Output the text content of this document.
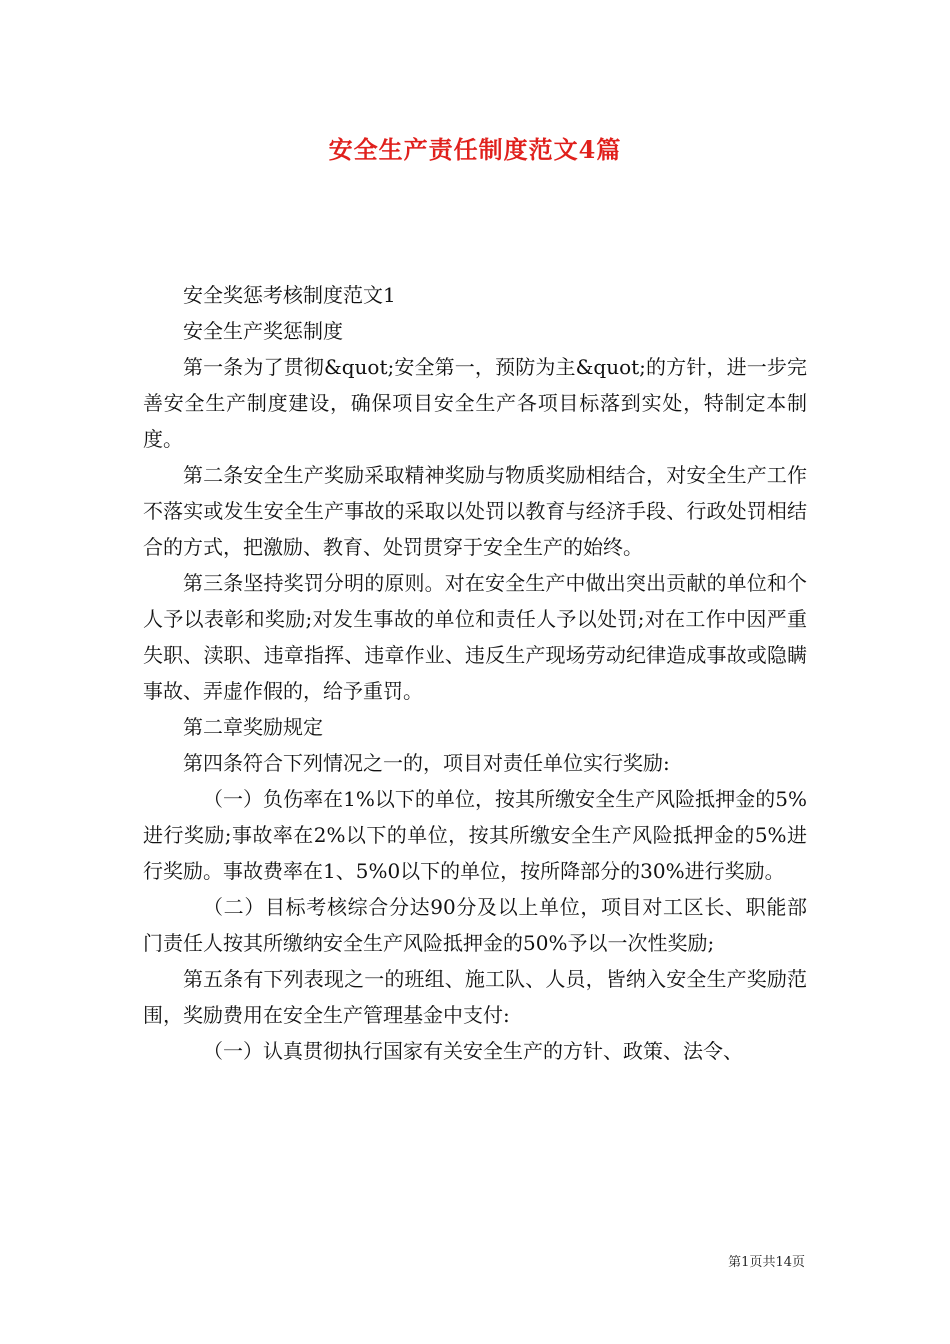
安全生产责任制度范文4篇

安全奖惩考核制度范文1

安全生产奖惩制度

第一条为了贯彻&quot;安全第一，预防为主&quot;的方针，进一步完善安全生产制度建设，确保项目安全生产各项目标落到实处，特制定本制度。

第二条安全生产奖励采取精神奖励与物质奖励相结合，对安全生产工作不落实或发生安全生产事故的采取以处罚以教育与经济手段、行政处罚相结合的方式，把激励、教育、处罚贯穿于安全生产的始终。

第三条坚持奖罚分明的原则。对在安全生产中做出突出贡献的单位和个人予以表彰和奖励;对发生事故的单位和责任人予以处罚;对在工作中因严重失职、渎职、违章指挥、违章作业、违反生产现场劳动纪律造成事故或隐瞒事故、弄虚作假的，给予重罚。

第二章奖励规定

第四条符合下列情况之一的，项目对责任单位实行奖励:

（一）负伤率在1%以下的单位，按其所缴安全生产风险抵押金的5%进行奖励;事故率在2%以下的单位，按其所缴安全生产风险抵押金的5%进行奖励。事故费率在1、5%0以下的单位，按所降部分的30%进行奖励。

（二）目标考核综合分达90分及以上单位，项目对工区长、职能部门责任人按其所缴纳安全生产风险抵押金的50%予以一次性奖励;

第五条有下列表现之一的班组、施工队、人员，皆纳入安全生产奖励范围，奖励费用在安全生产管理基金中支付:

（一）认真贯彻执行国家有关安全生产的方针、政策、法令、

第1页共14页
